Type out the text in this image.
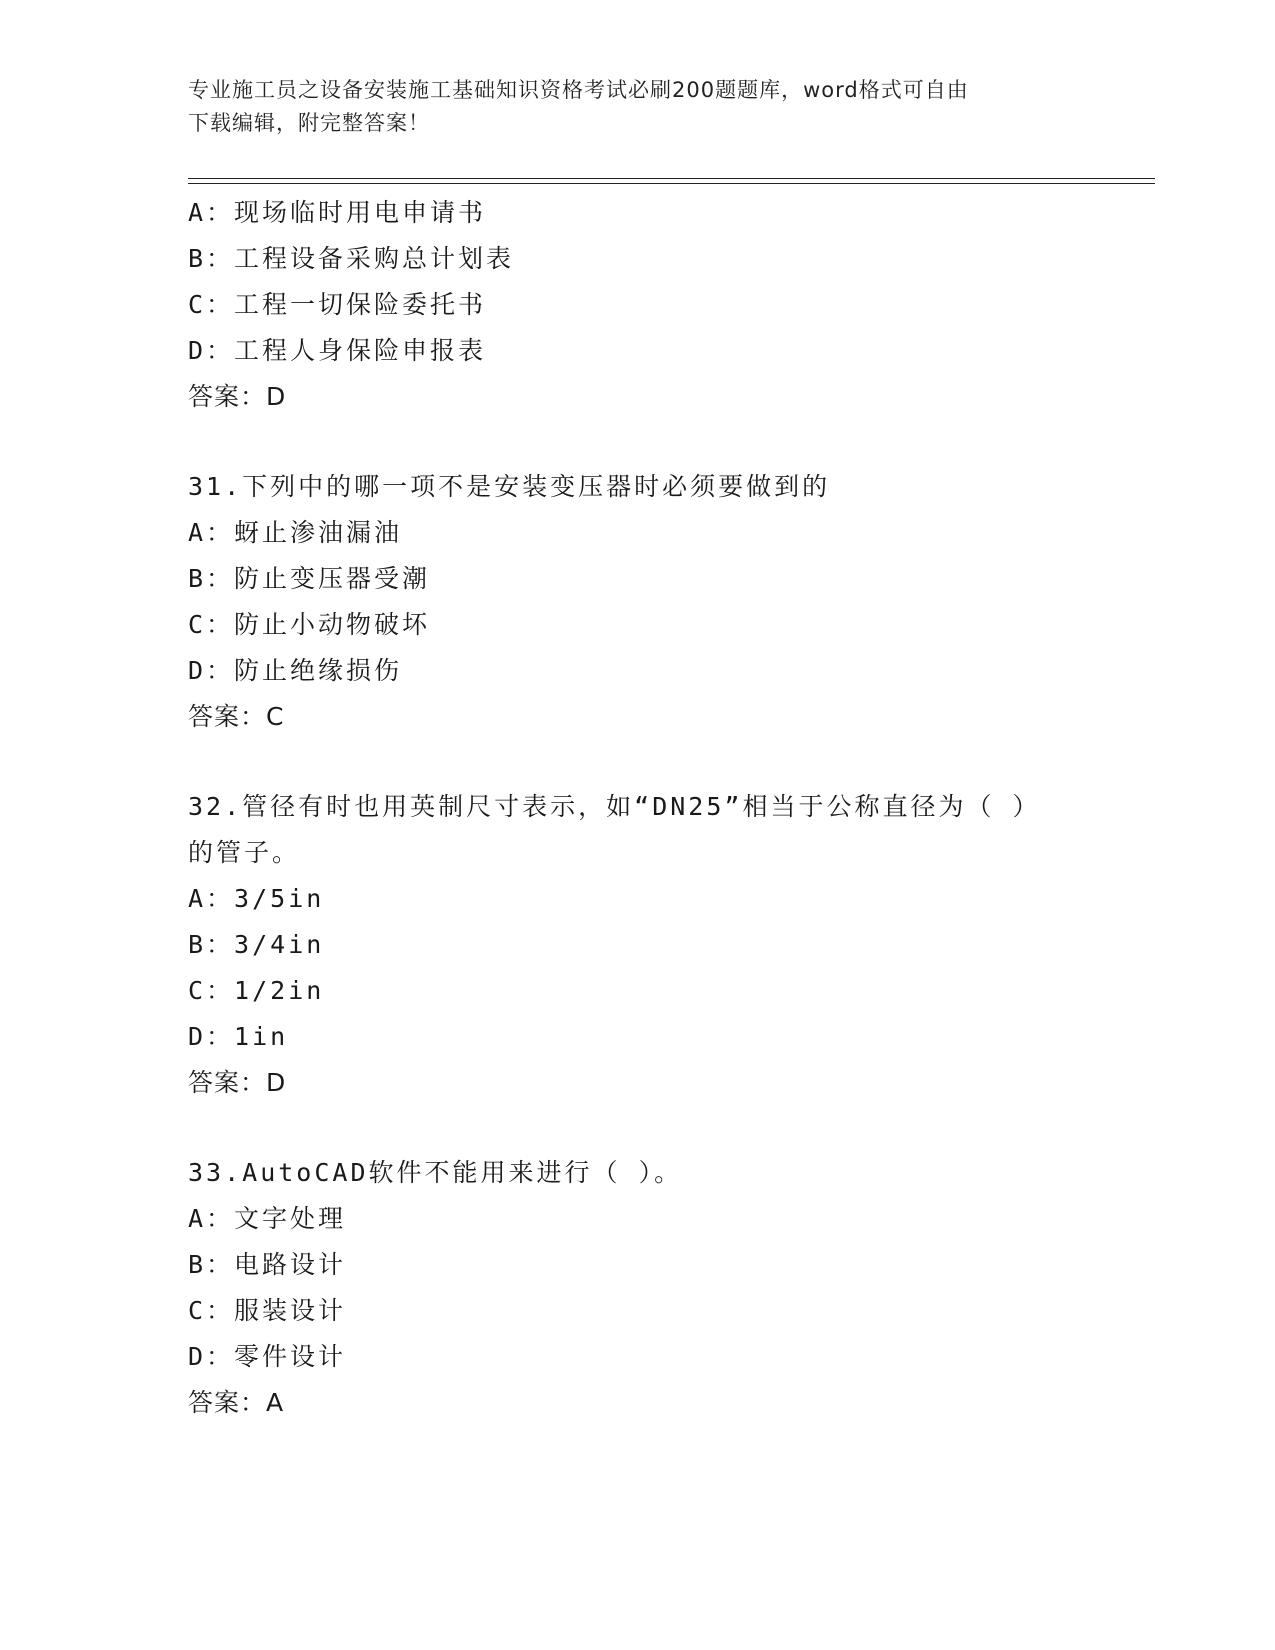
专业施工员之设备安装施工基础知识资格考试必刷200题题库，word格式可自由
下载编辑，附完整答案！
A：现场临时用电申请书
B：工程设备采购总计划表
C：工程一切保险委托书
D：工程人身保险申报表
答案：D
31.下列中的哪一项不是安装变压器时必须要做到的
A：蚜止渗油漏油
B：防止变压器受潮
C：防止小动物破坏
D：防止绝缘损伤
答案：C
32.管径有时也用英制尺寸表示，如“DN25”相当于公称直径为（ ）
的管子。
A：3/5in
B：3/4in
C：1/2in
D：1in
答案：D
33.AutoCAD软件不能用来进行（ ）。
A：文字处理
B：电路设计
C：服装设计
D：零件设计
答案：A
